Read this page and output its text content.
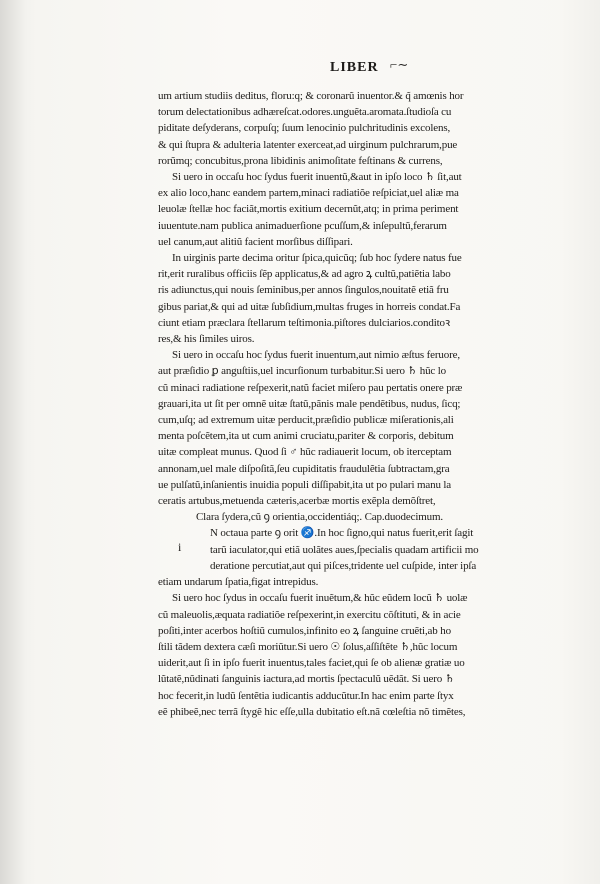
LIBER ⌐∼
i
um artium studiis deditus, floru:q; & coronarũ inuentor.& q̃ amœnis hor
torum delectationibus adhæreſcat.odores.unguẽta.aromata.ſtudioſa cu
piditate deſyderans, corpuſq; ſuum lenocinio pulchritudinis excolens,
& qui ſtupra & adulteria latenter exerceat,ad uirginum pulchrarum,pue
rorũmq; concubitus,prona libidinis animoſitate feſtinans & currens,
Si uero in occaſu hoc ſydus fuerit inuentũ,&aut in ipſo loco ♄ ſit,aut
ex alio loco,hanc eandem partem,minaci radiatiõe reſpiciat,uel aliæ ma
leuolæ ſtellæ hoc faciãt,mortis exitium decernũt,atq; in prima periment
iuuentute.nam publica animaduerſione pcuſſum,& inſepultũ,ferarum
uel canum,aut alitiũ facient morſibus diſſipari.
In uirginis parte decima oritur ſpica,quicũq; ſub hoc ſydere natus fue
rit,erit ruralibus officiis ſẽp applicatus,& ad agro ꝝ cultũ,patiẽtia labo
ris adiunctus,qui nouis ſeminibus,per annos ſingulos,nouitatẽ etiã fru
gibus pariat,& qui ad uitæ ſubſidium,multas fruges in horreis condat.Fa
ciunt etiam præclara ſtellarum teſtimonia.piſtores dulciarios.conditoꝛ
res,& his ſimiles uiros.
Si uero in occaſu hoc ſydus fuerit inuentum,aut nimio æſtus feruore,
aut præſidio ꝑ anguſtiis,uel incurſionum turbabitur.Si uero ♄ hũc lo
cũ minaci radiatione reſpexerit,natũ faciet miſero pau pertatis onere præ
grauari,ita ut ſit per omnẽ uitæ ſtatũ,pãnis male pendẽtibus, nudus, ſicq;
cum,uſq; ad extremum uitæ perducit,præſidio publicæ miſerationis,ali
menta poſcẽtem,ita ut cum animi cruciatu,pariter & corporis, debitum
uitæ compleat munus. Quod ſi ♂ hũc radiauerit locum, ob iterceptam
annonam,uel male diſpoſitã,ſeu cupiditatis fraudulẽtia ſubtractam,gra
ue pulſatũ,inſanientis inuidia populi diſſipabit,ita ut po pulari manu la
ceratis artubus,metuenda cæteris,acerbæ mortis exẽpla demõſtret,
Clara ſydera,cũ ꝯ orientia,occidentiáq;. Cap.duodecimum.
N octaua parte ꝯ orit ♐.In hoc ſigno,qui natus fuerit,erit ſagit
tarũ iaculator,qui etiã uolãtes aues,ſpecialis quadam artificii mo
deratione percutiat,aut qui piſces,tridente uel cuſpide, inter ipſa
etiam undarum ſpatia,figat intrepidus.
Si uero hoc ſydus in occaſu fuerit inuẽtum,& hũc eũdem locũ ♄ uolæ
cũ maleuolis,æquata radiatiõe reſpexerint,in exercitu cõſtituti, & in acie
poſiti,inter acerbos hoſtiũ cumulos,infinito eo ꝝ ſanguine cruẽti,ab ho
ſtili tãdem dextera cæſi moriũtur.Si uero ☉ ſolus,aſſiſtẽte ♄,hũc locum
uiderit,aut ſi in ipſo fuerit inuentus,tales faciet,qui ſe ob alienæ gratiæ uo
lũtatẽ,nũdinati ſanguinis iactura,ad mortis ſpectaculũ uẽdãt. Si uero ♄
hoc fecerit,in ludũ ſentẽtia iudicantis adducũtur.In hac enim parte ſtyx
eẽ phibeẽ,nec terrã ſtygẽ hic eſſe,ulla dubitatio eſt.nã cœleſtia nõ timẽtes,
